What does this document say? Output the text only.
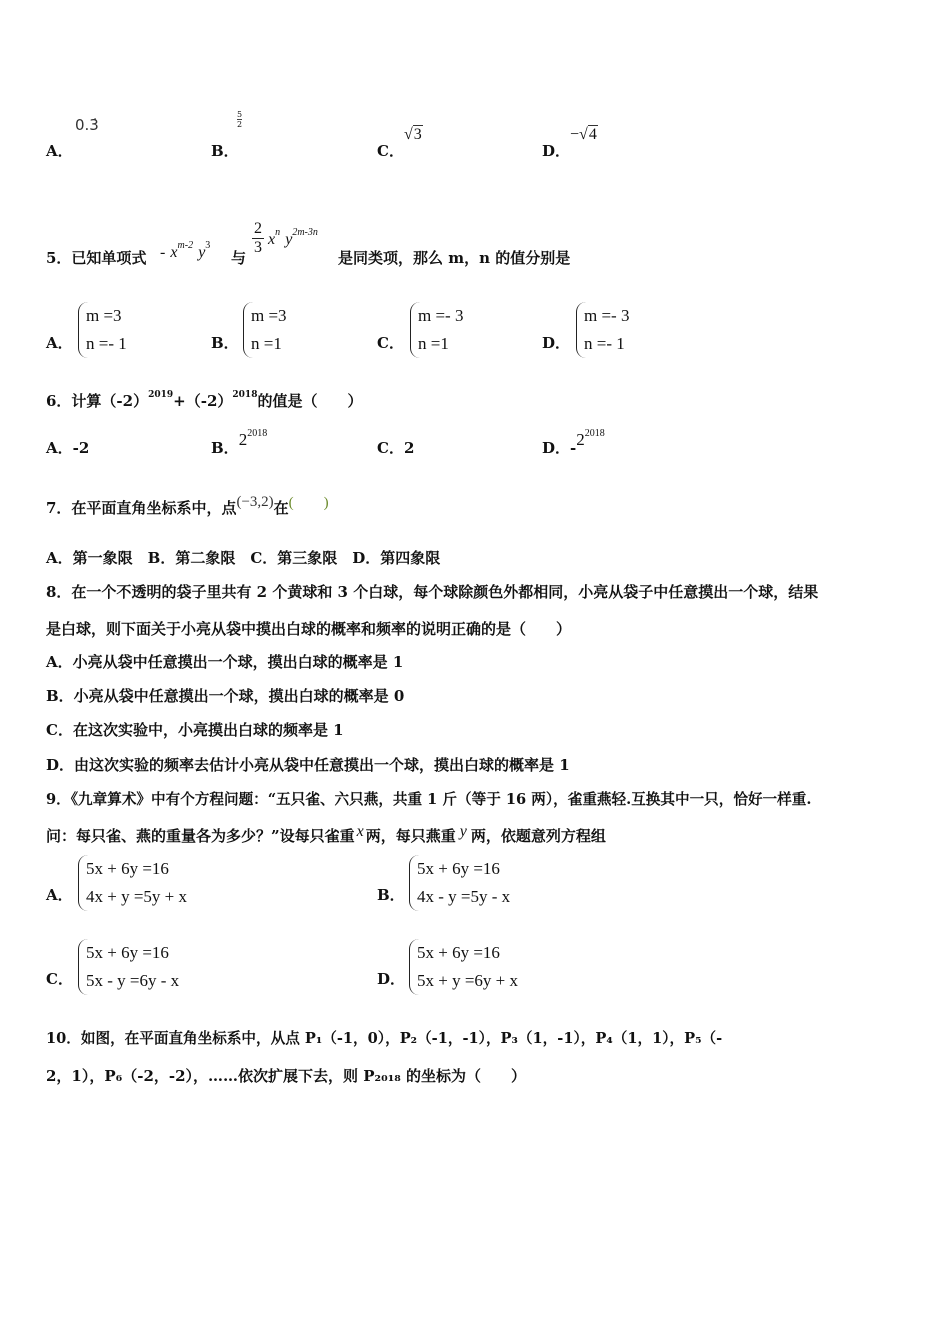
A．
0.3̇
B．
5
2
C．
√3
D．
−√4
5．已知单项式 ‐ $x^{m‐2}$ $y^3$
与
$\frac{2}{3} x^n$ $y^{2m‐3n}$
是同类项，那么 m，n 的值分别是
A．
m =3
n =‐ 1	B．
m =3
n =1	C．
m =‐ 3
n =1	D．
m =‐ 3
n =‐ 1
6．计算$(-2)^{2019}+(-2)^{2018}$的值是（　　）
A．-2	B．$2^{2018}$
C．2	D．$-2^{2018}$
7．在平面直角坐标系中，点(−3,2)在(　　)
A．第一象限　B．第二象限　C．第三象限　D．第四象限
8．在一个不透明的袋子里共有 2 个黄球和 3 个白球，每个球除颜色外都相同，小亮从袋子中任意摸出一个球，结果
是白球，则下面关于小亮从袋中摸出白球的概率和频率的说明正确的是（　　）
A．小亮从袋中任意摸出一个球，摸出白球的概率是 1
B．小亮从袋中任意摸出一个球，摸出白球的概率是 0
C．在这次实验中，小亮摸出白球的频率是 1
D．由这次实验的频率去估计小亮从袋中任意摸出一个球，摸出白球的概率是 1
9．《九章算术》中有个方程问题：“五只雀、六只燕，共重 1 斤（等于 16 两），雀重燕轻.互换其中一只，恰好一样重.
问：每只雀、燕的重量各为多少？”设每只雀重 x 两，每只燕重 y 两，依题意列方程组
A．
5x + 6y =16
4x + y =5y + x	B．
5x + 6y =16
4x ‐ y =5y ‐ x
C．
5x + 6y =16
5x ‐ y =6y ‐ x	D．
5x + 6y =16
5x + y =6y + x
10．如图，在平面直角坐标系中，从点 P₁（‐1，0），P₂（‐1，‐1），P₃（1，‐1），P₄（1，1），P₅（‐
2，1），P₆（‐2，‐2），……依次扩展下去，则 P₂₀₁₈ 的坐标为（　　）
